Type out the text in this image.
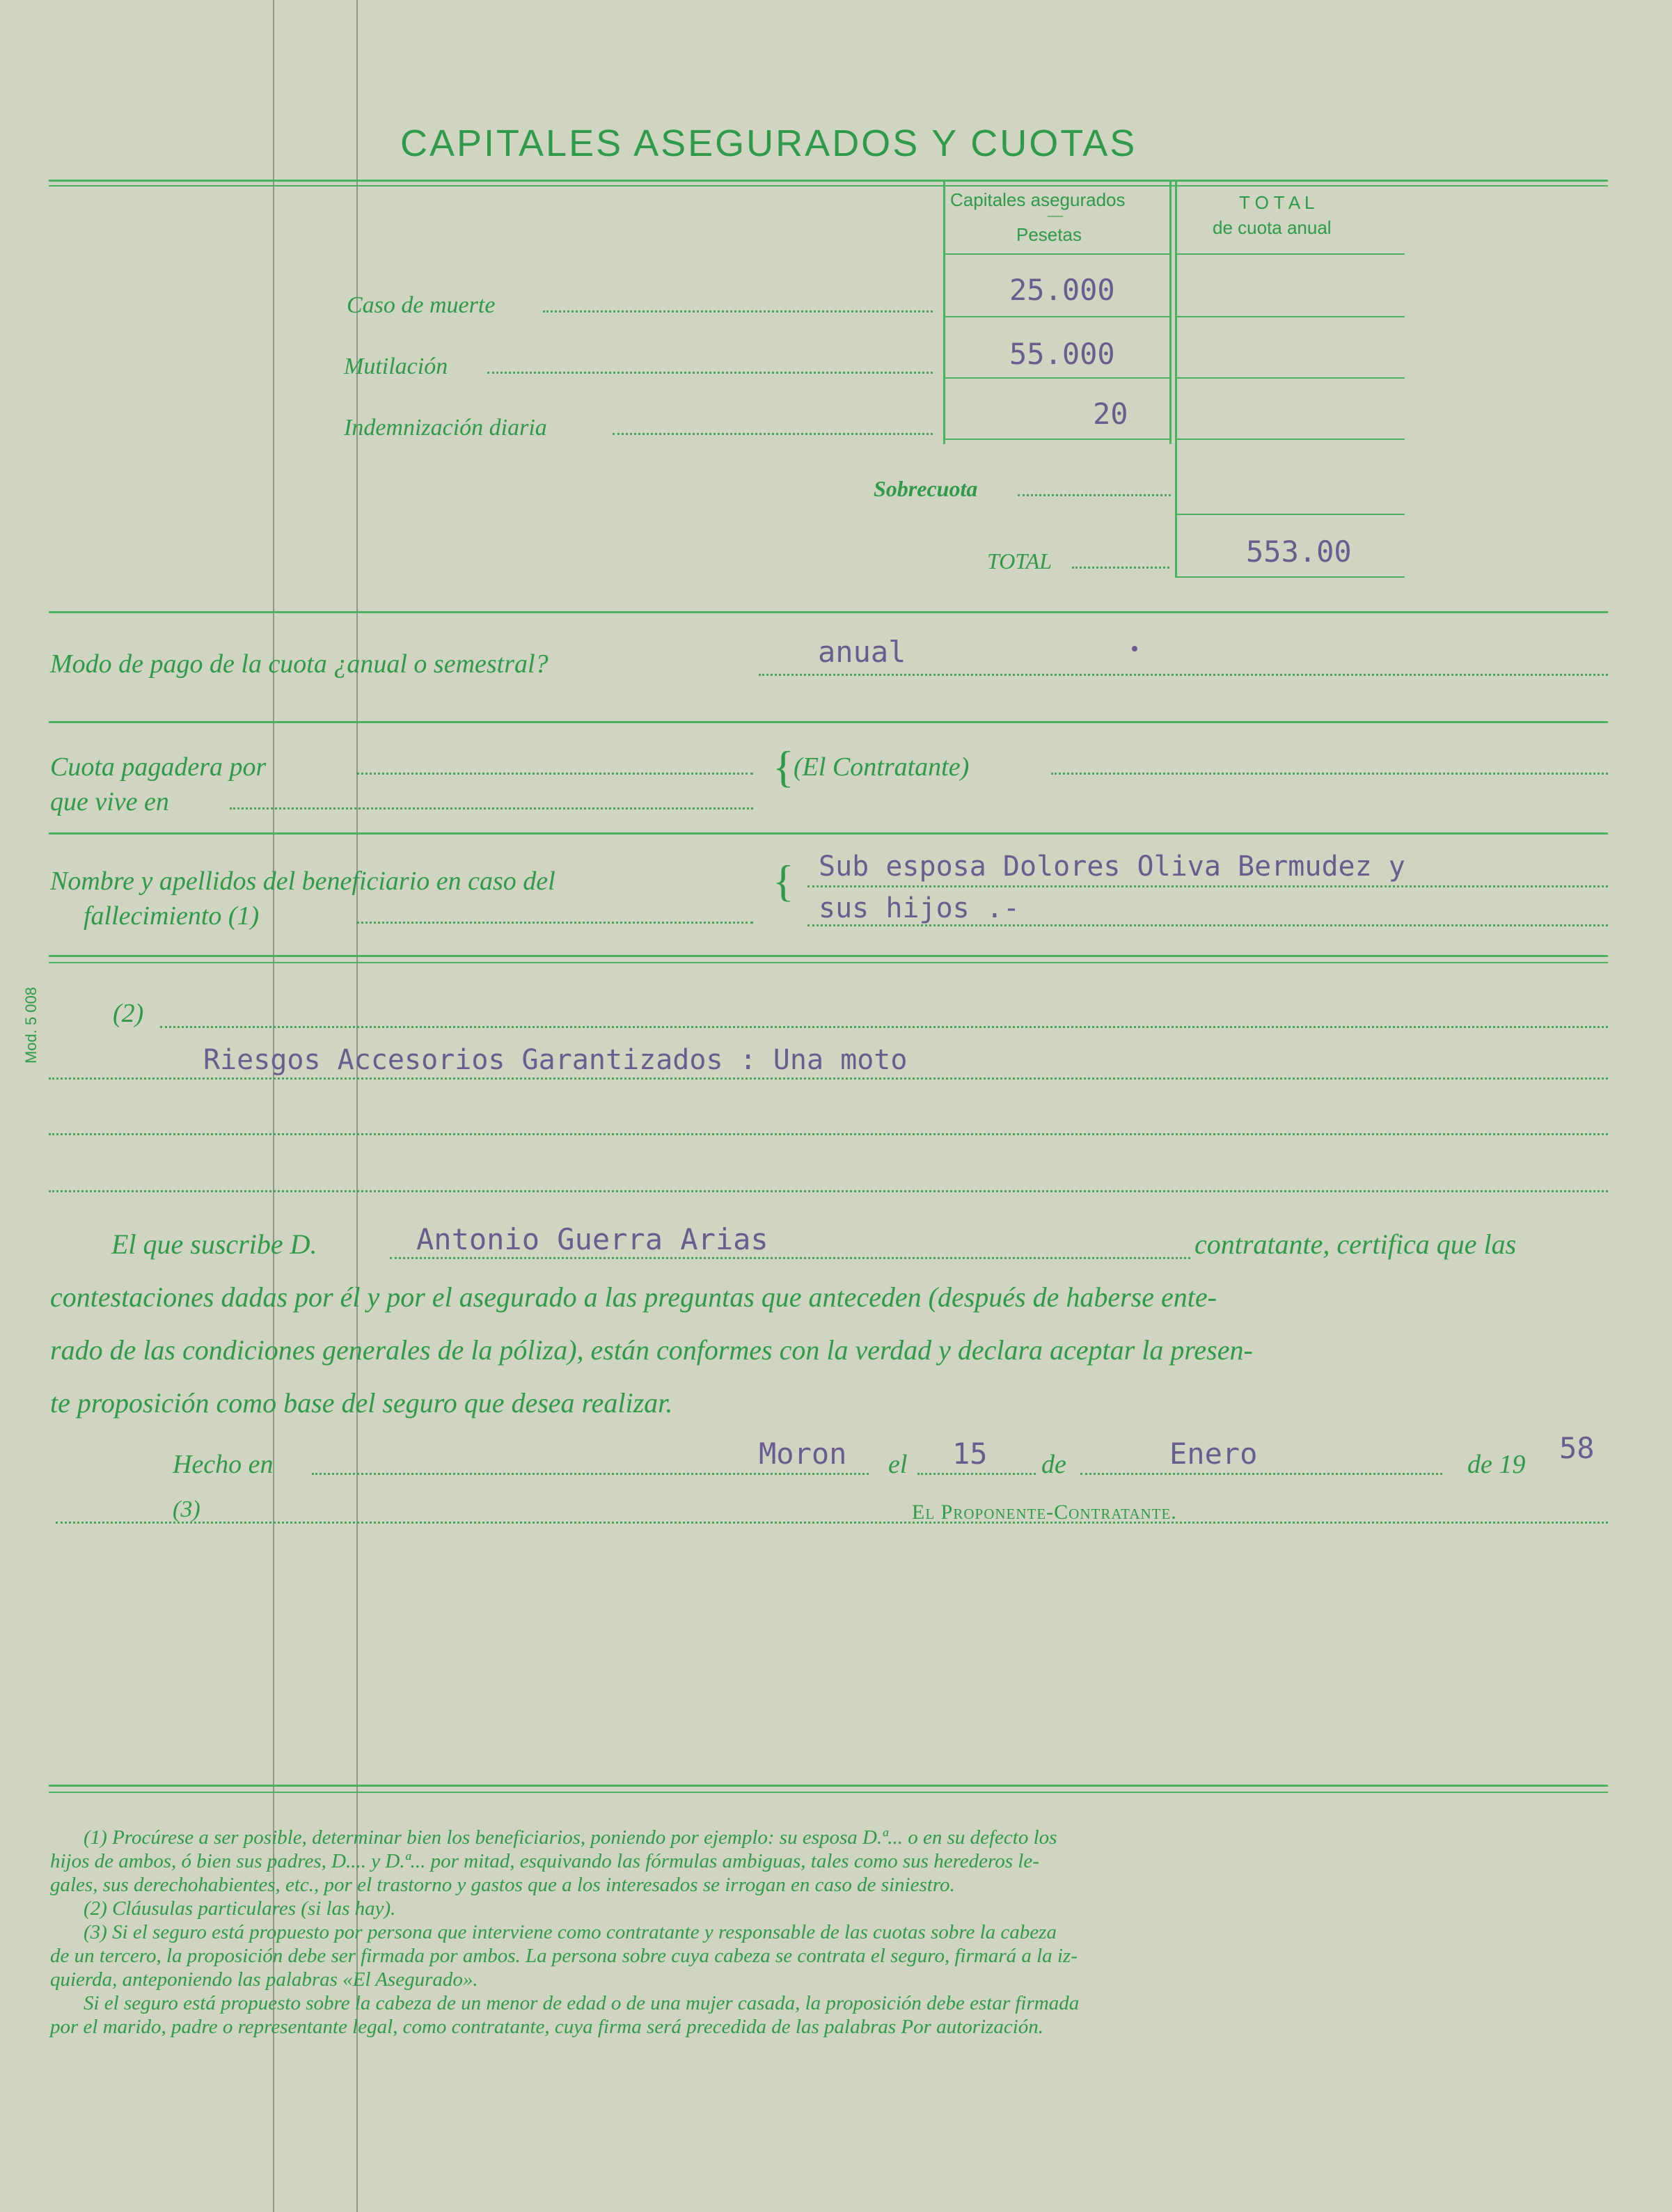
Mod. 5 008
CAPITALES ASEGURADOS Y CUOTAS
Capitales asegurados
—
Pesetas
T O T A L
de cuota anual
Caso de muerte	25.000
Mutilación	55.000
Indemnización diaria	20
Sobrecuota
TOTAL	553.00
Modo de pago de la cuota ¿anual o semestral?	anual
Cuota pagadera por
que vive en
{ (El Contratante)
Nombre y apellidos del beneficiario en caso del
fallecimiento (1)
{ Sub esposa Dolores Oliva Bermudez y
sus hijos .-
(2)
Riesgos Accesorios Garantizados : Una moto
El que suscribe D.	Antonio Guerra Arias	contratante, certifica que las
contestaciones dadas por él y por el asegurado a las preguntas que anteceden (después de haberse ente-
rado de las condiciones generales de la póliza), están conformes con la verdad y declara aceptar la presen-
te proposición como base del seguro que desea realizar.
Hecho en	Moron el 15 de	Enero	de 19 58
(3)	El Proponente-Contratante.
(1) Procúrese a ser posible, determinar bien los beneficiarios, poniendo por ejemplo: su esposa D.ª... o en su defecto los
hijos de ambos, ó bien sus padres, D.... y D.ª... por mitad, esquivando las fórmulas ambiguas, tales como sus herederos le-
gales, sus derechohabientes, etc., por el trastorno y gastos que a los interesados se irrogan en caso de siniestro.
(2) Cláusulas particulares (si las hay).
(3) Si el seguro está propuesto por persona que interviene como contratante y responsable de las cuotas sobre la cabeza
de un tercero, la proposición debe ser firmada por ambos. La persona sobre cuya cabeza se contrata el seguro, firmará a la iz-
quierda, anteponiendo las palabras «El Asegurado».
Si el seguro está propuesto sobre la cabeza de un menor de edad o de una mujer casada, la proposición debe estar firmada
por el marido, padre o representante legal, como contratante, cuya firma será precedida de las palabras Por autorización.
